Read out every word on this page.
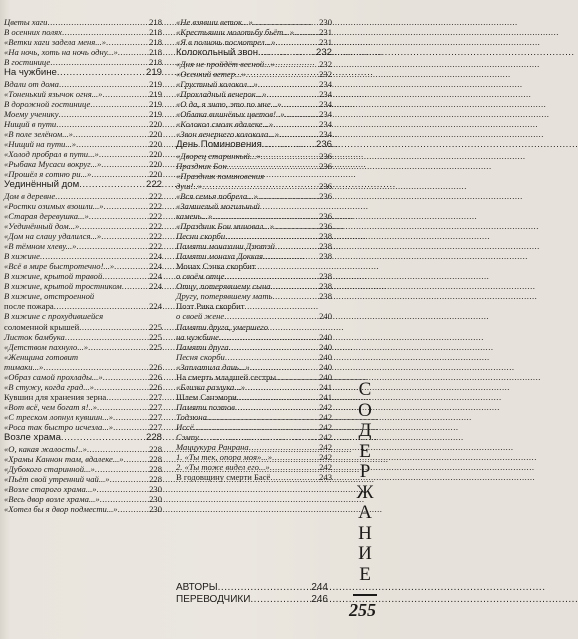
Цветы хаги .....	218
В осенних полях .....	218
«Ветки хаги задела меня...» .....	218
«На ночь, хоть на ночь одну...» .....	218
В гостинице .....	218
На чужбине .....	219
Вдали от дома .....	219
«Тоненький язычок огня...» .....	219
В дорожной гостинице .....	219
Моему ученику .....	219
Нищий в пути .....	220
«В поле зелёном...» .....	220
«Нищий на пути...» .....	220
«Холод пробрал в пути...» .....	220
«Рыбака Мусаси вокруг...» .....	220
«Прошёл я сотню ри...» .....	220
Уединённый дом .....	222
Дом в деревне .....	222
«Ростки озимых взошли...» .....	222
«Старая деревушка...» .....	222
«Уединённый дом...» .....	222
«Дом на слаиу удалился...» .....	222
«В тёмном хлеву...» .....	222
В хижине .....	224
«Всё в мире быстротечно!...» .....	224
В хижине, крытой травой .....	224
В хижине, крытой тростником .....	224
В хижине, отстроенной
после пожара .....	224
В хижине с прохудившейся
соломенной крышей .....	225
Листок бамбука .....	225
«Детством пахнуло...» .....	225
«Женщина готовит
тимаки...» .....	226
«Образ самой прохлады...» .....	226
«В стужу, когда град...» .....	226
Кувшин для хранения зерна .....	227
«Вот всё, чем богат я!..» .....	227
«С треском лопнул кувшин...» .....	227
«Роса так быстро исчезла...» .....	227
Возле храма .....	228
«О, какая жалость!..» .....	228
«Храмы Каннон там, вдалеке...» .....	228
«Дубокого старинной...» .....	228
«Пьёт свой утренний чай...» .....	228
«Возле старого храма...» .....	230
«Весь двор возле храма...» .....	230
«Хотел бы я двор подмести...» .....	230
«Не взявши веток...» .....	230
«Крестьянин молотьбу бьёт...» .....	231
«Я в полночь посмотрел...» .....	231
Колокольный звон .....	232
«Дня не пройдёт весной...» .....	232
«Осенний ветер...» .....	232
«Грустный колокол...» .....	234
«Прохладный вечерок...» .....	234
«О да, я знаю, это по мне...» .....	234
«Облака вишнёвых цветов!..» .....	234
«Колокол смолк вдалеке...» .....	234
«Звон вечернего колокола...» .....	234
День Поминовения .....	236
«Дворец старинный...» .....	236
Праздник Бон .....	236
«Праздник поминовения
душ!..» .....	236
«Вся семья побрела...» .....	236
«Замшелый могильный
камень...» .....	236
«Праздник Бон миновал...» .....	236
Песни скорби .....	238
Памяти монахини Дзютэй .....	238
Памяти монаха Доккая .....	238
Монах Сэнка скорбит
о своём отце .....	238
Отцу, потерявшему сына .....	238
Другу, потерявшему мать .....	238
Поэт Рика скорбит
о своей жене .....	240
Памяти друга, умершего
на чужбине .....	240
Памяти друга .....	240
Песня скорби .....	240
«Заплатила дань...» .....	240
На смерть младшей сестры .....	240
«Близка разлука...» .....	241
Шлем Санэмори .....	241
Памяти поэтов .....	242
Тодзюна .....	242
Иссё .....	242
Сэмпу .....	242
Маццукура Ранрана .....	242
1. «Ты тек, опора моя»...» .....	242
2. «Ты тоже видел его...» .....	242
В годовщину смерти Басё .....	243
АВТОРЫ .....	244
ПЕРЕВОДЧИКИ .....	246
С
О
Д
Е
Р
Ж
А
Н
И
Е
255
